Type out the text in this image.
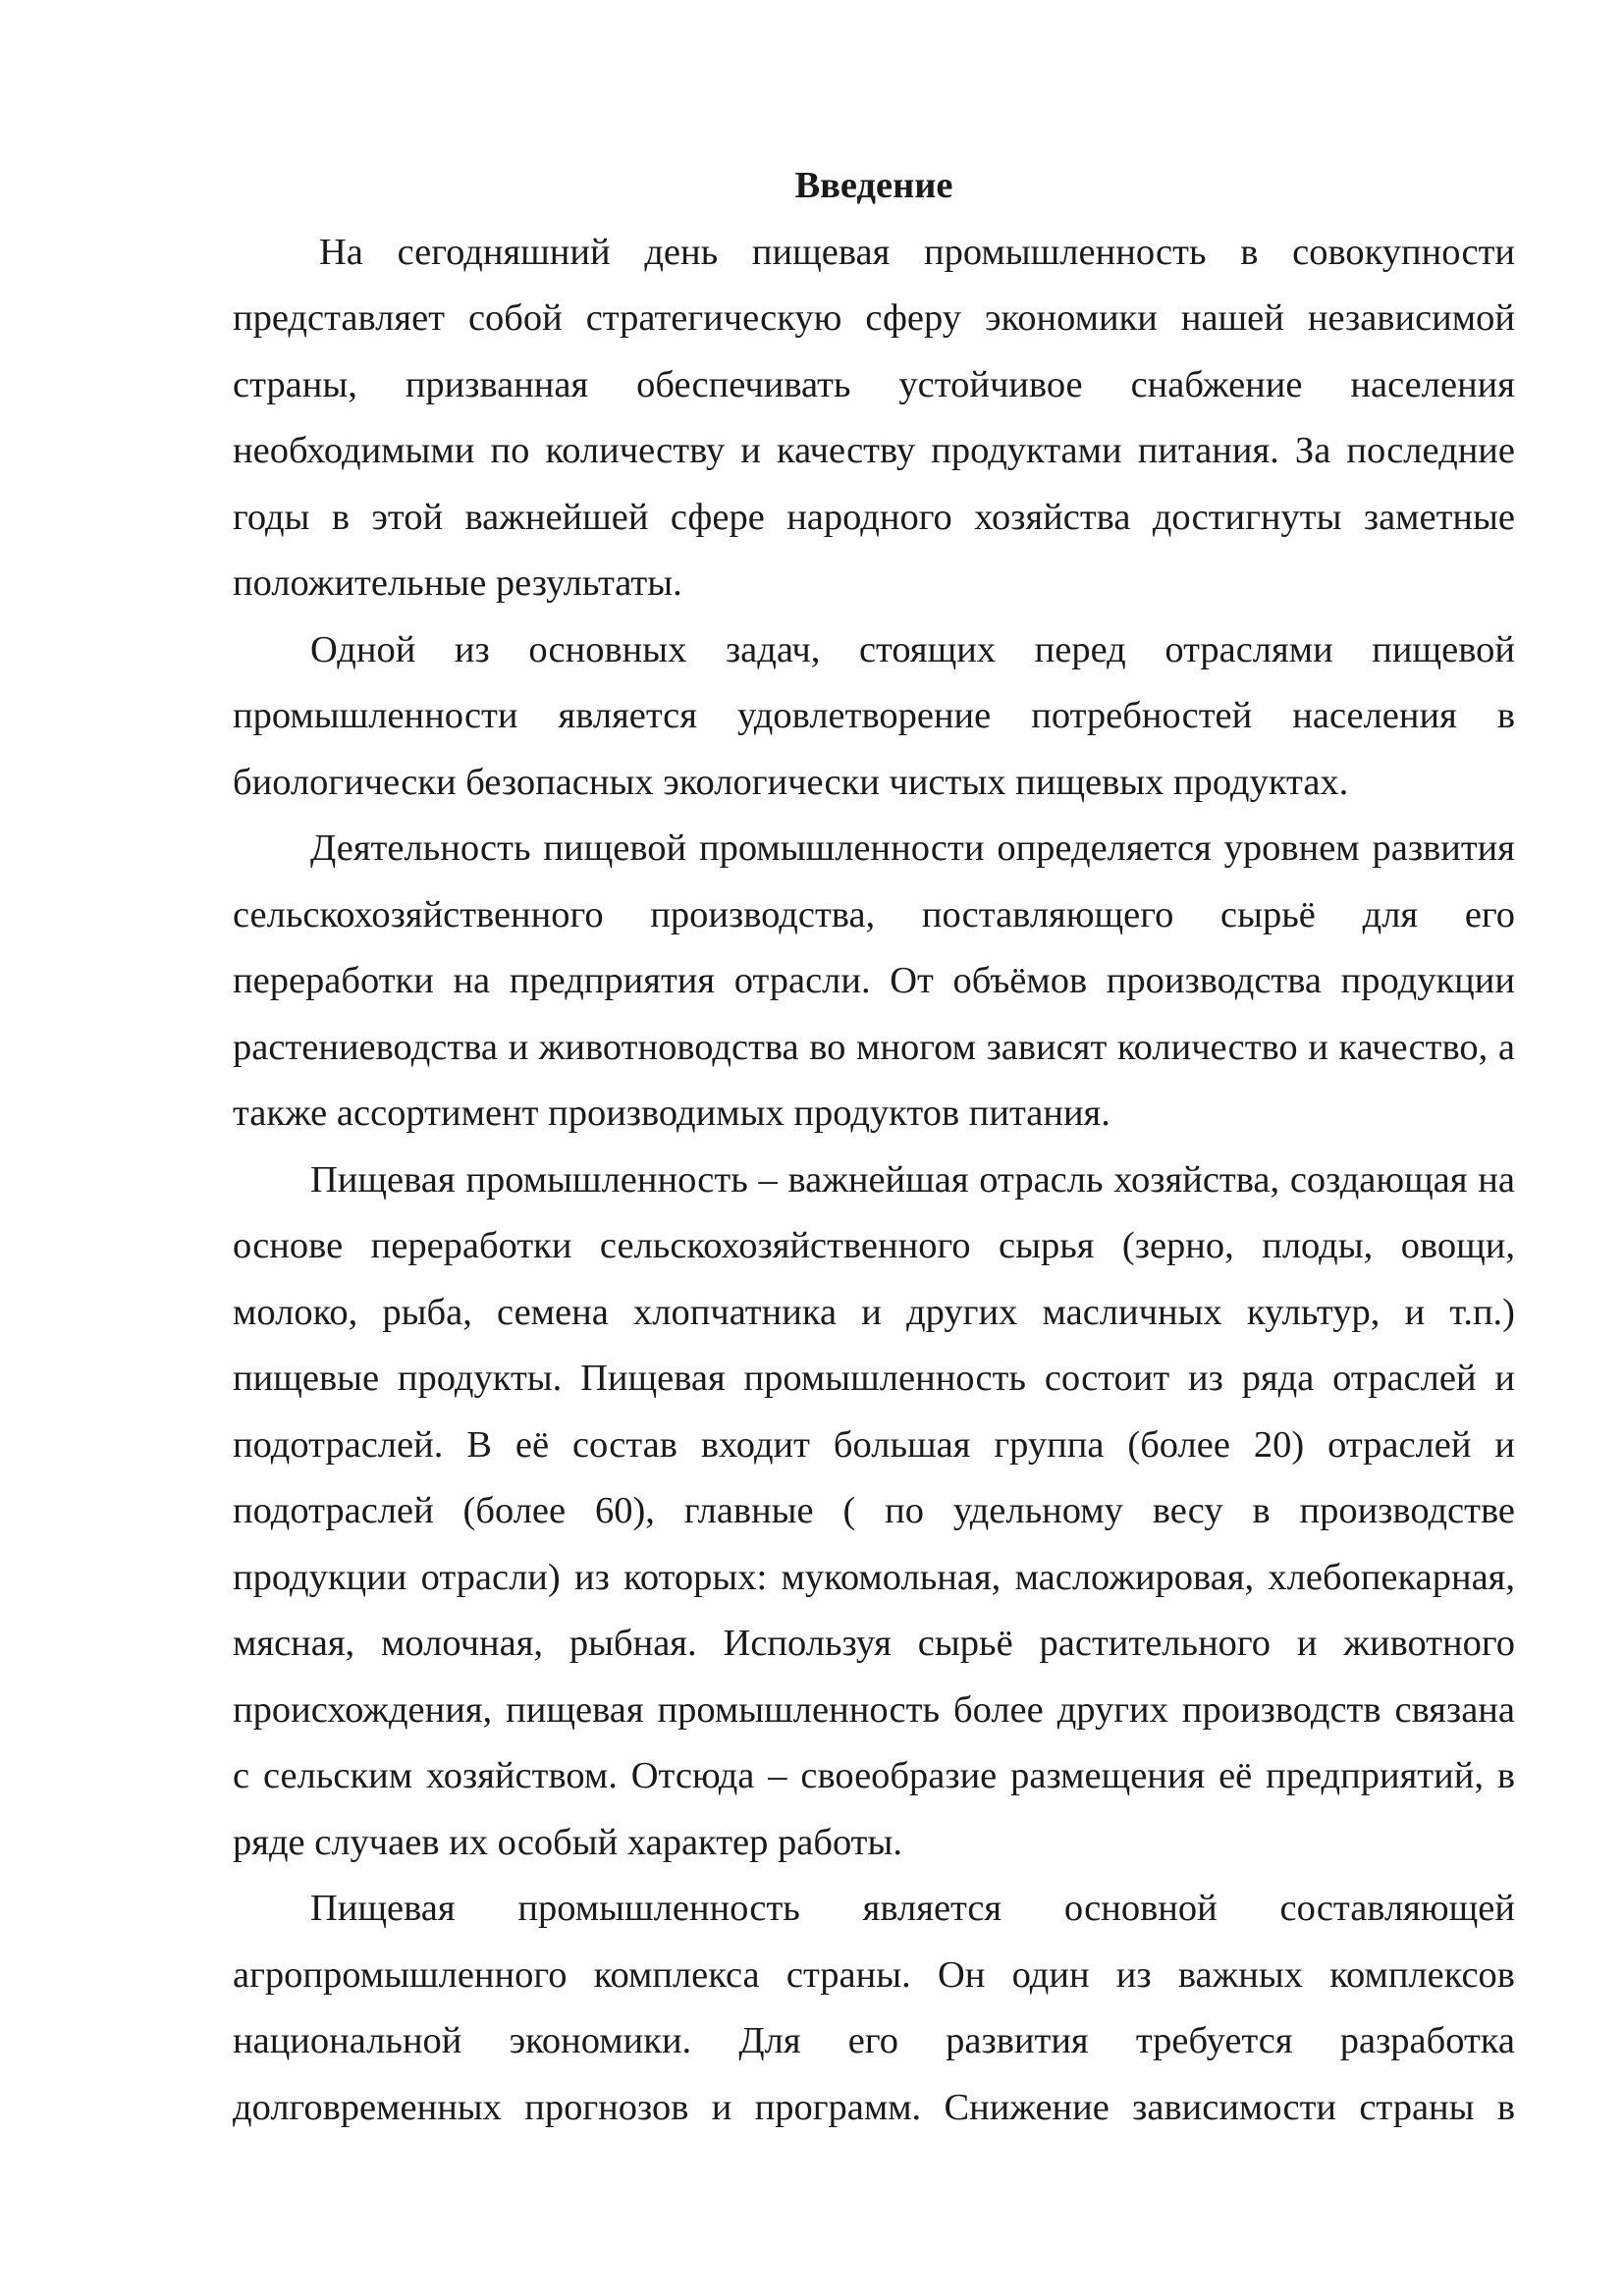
Введение

На сегодняшний день пищевая промышленность в совокупности представляет собой стратегическую сферу экономики нашей независимой страны, призванная обеспечивать устойчивое снабжение населения необходимыми по количеству и качеству продуктами питания. За последние годы в этой важнейшей сфере народного хозяйства достигнуты заметные положительные результаты.

Одной из основных задач, стоящих перед отраслями пищевой промышленности является удовлетворение потребностей населения в биологически безопасных экологически чистых пищевых продуктах.

Деятельность пищевой промышленности определяется уровнем развития сельскохозяйственного производства, поставляющего сырьё для его переработки на предприятия отрасли. От объёмов производства продукции растениеводства и животноводства во многом зависят количество и качество, а также ассортимент производимых продуктов питания.

Пищевая промышленность – важнейшая отрасль хозяйства, создающая на основе переработки сельскохозяйственного сырья (зерно, плоды, овощи, молоко, рыба, семена хлопчатника и других масличных культур, и т.п.) пищевые продукты. Пищевая промышленность состоит из ряда отраслей и подотраслей. В её состав входит большая группа (более 20) отраслей и подотраслей (более 60), главные ( по удельному весу в производстве продукции отрасли) из которых: мукомольная, масложировая, хлебопекарная, мясная, молочная, рыбная. Используя сырьё растительного и животного происхождения, пищевая промышленность более других производств связана с сельским хозяйством. Отсюда – своеобразие размещения её предприятий, в ряде случаев их особый характер работы.

Пищевая промышленность является основной составляющей агропромышленного комплекса страны. Он один из важных комплексов национальной экономики. Для его развития требуется разработка долговременных прогнозов и программ. Снижение зависимости страны в
